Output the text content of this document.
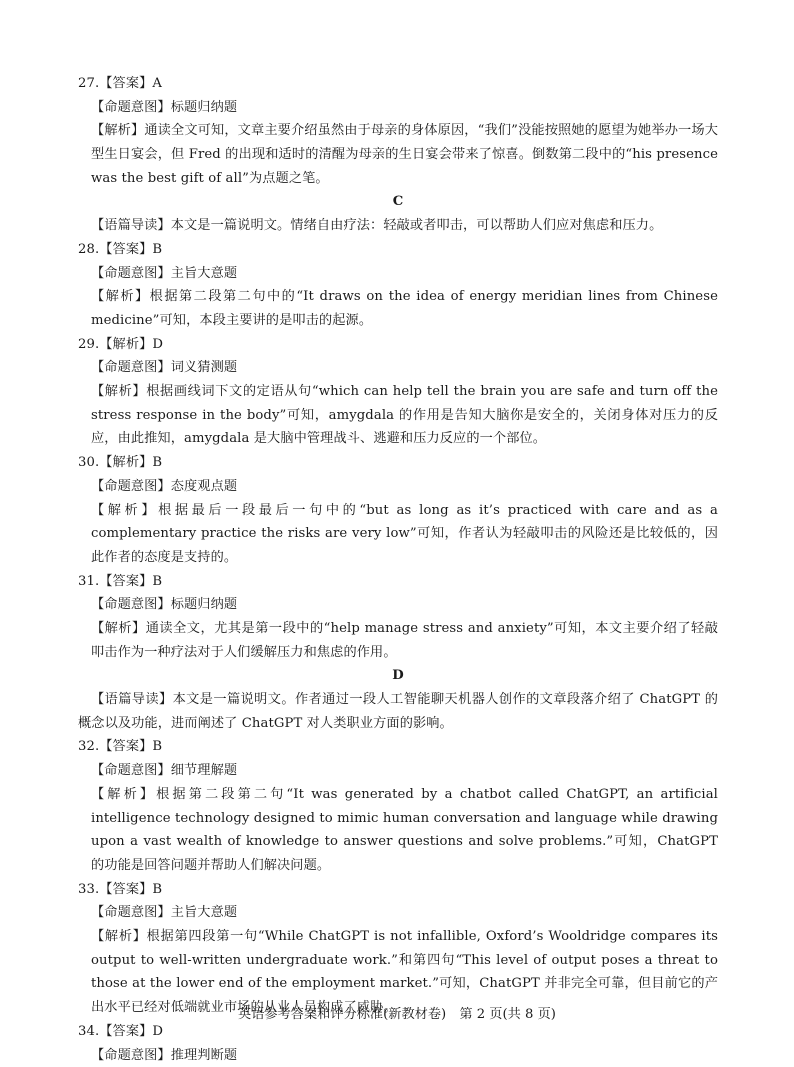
27.【答案】A
【命题意图】标题归纳题
【解析】通读全文可知，文章主要介绍虽然由于母亲的身体原因，“我们”没能按照她的愿望为她举办一场大型生日宴会，但 Fred 的出现和适时的清醒为母亲的生日宴会带来了惊喜。倒数第二段中的“his presence was the best gift of all”为点题之笔。
C
【语篇导读】本文是一篇说明文。情绪自由疗法：轻敲或者叩击，可以帮助人们应对焦虑和压力。
28.【答案】B
【命题意图】主旨大意题
【解析】根据第二段第二句中的“It draws on the idea of energy meridian lines from Chinese medicine”可知，本段主要讲的是叩击的起源。
29.【解析】D
【命题意图】词义猜测题
【解析】根据画线词下文的定语从句“which can help tell the brain you are safe and turn off the stress response in the body”可知，amygdala 的作用是告知大脑你是安全的，关闭身体对压力的反应，由此推知，amygdala 是大脑中管理战斗、逃避和压力反应的一个部位。
30.【解析】B
【命题意图】态度观点题
【解析】根据最后一段最后一句中的“but as long as it’s practiced with care and as a complementary practice the risks are very low”可知，作者认为轻敲叩击的风险还是比较低的，因此作者的态度是支持的。
31.【答案】B
【命题意图】标题归纳题
【解析】通读全文，尤其是第一段中的“help manage stress and anxiety”可知，本文主要介绍了轻敲叩击作为一种疗法对于人们缓解压力和焦虑的作用。
D
【语篇导读】本文是一篇说明文。作者通过一段人工智能聊天机器人创作的文章段落介绍了 ChatGPT 的概念以及功能，进而阐述了 ChatGPT 对人类职业方面的影响。
32.【答案】B
【命题意图】细节理解题
【解析】根据第二段第二句“It was generated by a chatbot called ChatGPT, an artificial intelligence technology designed to mimic human conversation and language while drawing upon a vast wealth of knowledge to answer questions and solve problems.”可知，ChatGPT 的功能是回答问题并帮助人们解决问题。
33.【答案】B
【命题意图】主旨大意题
【解析】根据第四段第一句“While ChatGPT is not infallible, Oxford’s Wooldridge compares its output to well-written undergraduate work.”和第四句“This level of output poses a threat to those at the lower end of the employment market.”可知，ChatGPT 并非完全可靠，但目前它的产出水平已经对低端就业市场的从业人员构成了威胁。
34.【答案】D
【命题意图】推理判断题
英语参考答案和评分标准(新教材卷)　第 2 页(共 8 页)
